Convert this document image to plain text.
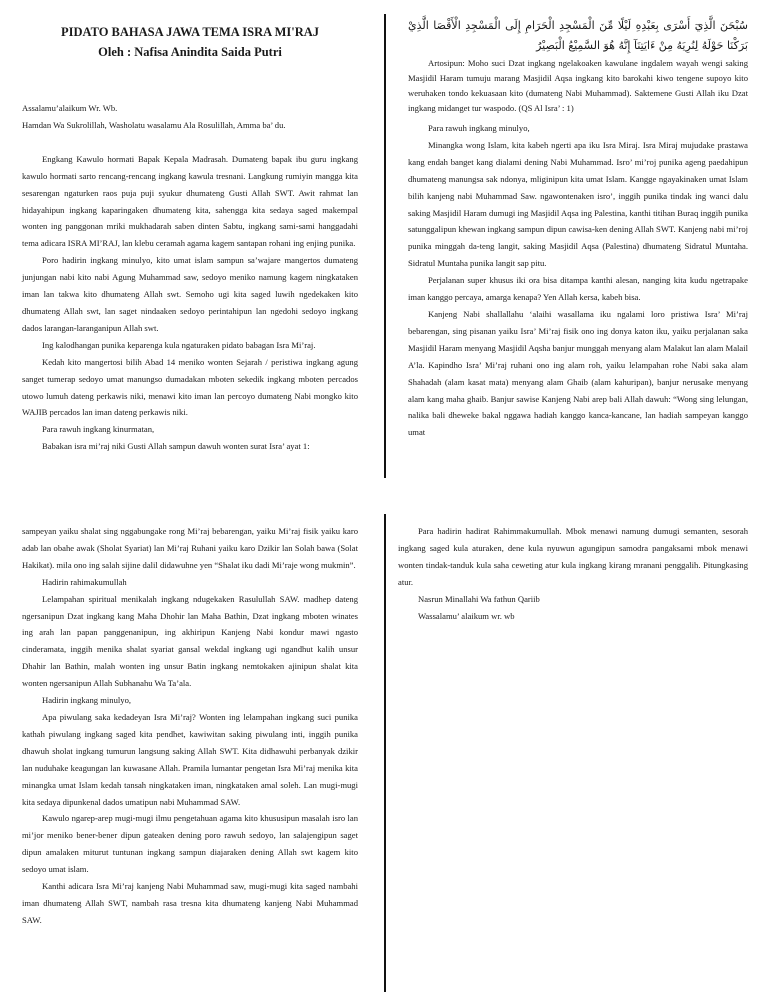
PIDATO BAHASA JAWA TEMA ISRA MI'RAJ

Oleh : Nafisa Anindita Saida Putri

Assalamu’alaikum Wr. Wb.

Hamdan Wa Sukrolillah, Washolatu wasalamu Ala Rosulillah, Amma ba’ du.

Engkang Kawulo hormati Bapak Kepala Madrasah. Dumateng bapak ibu guru ingkang kawulo hormati sarto rencang-rencang ingkang kawula tresnani. Langkung rumiyin mangga kita sesarengan ngaturken raos puja puji syukur dhumateng Gusti Allah SWT. Awit rahmat lan hidayahipun ingkang kaparingaken dhumateng kita, sahengga kita sedaya saged makempal wonten ing panggonan mriki mukhadarah saben dinten Sabtu, ingkang sami-sami hanggadahi tema adicara ISRA MI’RAJ, lan klebu ceramah agama kagem santapan rohani ing enjing punika.

Poro hadirin ingkang minulyo, kito umat islam sampun sa’wajare mangertos dumateng junjungan nabi kito nabi Agung Muhammad saw, sedoyo meniko namung kagem ningkataken iman lan takwa kito dhumateng Allah swt. Semoho ugi kita saged luwih ngedekaken kito dhumateng Allah swt, lan saget nindaaken sedoyo perintahipun lan ngedohi sedoyo ingkang dados larangan-laranganipun Allah swt.

Ing kalodhangan punika keparenga kula ngaturaken pidato babagan Isra Mi’raj.

Kedah kito mangertosi bilih Abad 14 meniko wonten Sejarah / peristiwa ingkang agung sanget tumerap sedoyo umat manungso dumadakan mboten sekedik ingkang mboten percados utowo lumuh dateng perkawis niki, menawi kito iman lan percoyo dumateng Nabi mongko kito WAJIB percados lan iman dateng perkawis niki.

Para rawuh ingkang kinurmatan,

Babakan isra mi’raj niki Gusti Allah sampun dawuh wonten surat Isra’ ayat 1:

سُبْحَنَ الَّذِيٓ أَسْرَى بِعَبْدِهِ لَيْلًا مِّنَ الْمَسْجِدِ الْحَرَامِ إِلَى الْمَسْجِدِ الْأَقْصَا الَّذِيْ بَرَكْنَا حَوْلَهُ لِنُرِيَهُ مِنْ ءَايَتِنَآ إِنَّهُ هُوَ السَّمِيْعُ الْبَصِيْرُ

Artosipun: Moho suci Dzat ingkang ngelakoaken kawulane ingdalem wayah wengi saking Masjidil Haram tumuju marang Masjidil Aqsa ingkang kito barokahi kiwo tengene supoyo kito weruhaken tondo kekuasaan kito (dumateng Nabi Muhammad). Saktemene Gusti Allah iku Dzat ingkang midanget tur waspodo. (QS Al Isra’ : 1)

Para rawuh ingkang minulyo,

Minangka wong Islam, kita kabeh ngerti apa iku Isra Miraj. Isra Miraj mujudake prastawa kang endah banget kang dialami dening Nabi Muhammad. Isro’ mi’roj punika ageng paedahipun dhumateng manungsa sak ndonya, mliginipun kita umat Islam. Kangge ngayakinaken umat Islam bilih kanjeng nabi Muhammad Saw. ngawontenaken isro’, inggih punika tindak ing wanci dalu saking Masjidil Haram dumugi ing Masjidil Aqsa ing Palestina, kanthi titihan Buraq inggih punika satunggalipun khewan ingkang sampun dipun cawisa-ken dening Allah SWT. Kanjeng nabi mi’roj punika minggah da-teng langit, saking Masjidil Aqsa (Palestina) dhumateng Sidratul Muntaha. Sidratul Muntaha punika langit sap pitu.

Perjalanan super khusus iki ora bisa ditampa kanthi alesan, nanging kita kudu ngetrapake iman kanggo percaya, amarga kenapa? Yen Allah kersa, kabeh bisa.

Kanjeng Nabi shallallahu ‘alaihi wasallama iku ngalami loro pristiwa Isra’ Mi’raj bebarengan, sing pisanan yaiku Isra’ Mi’raj fisik ono ing donya katon iku, yaiku perjalanan saka Masjidil Haram menyang Masjidil Aqsha banjur munggah menyang alam Malakut lan alam Malail A’la. Kapindho Isra’ Mi’raj ruhani ono ing alam roh, yaiku lelampahan rohe Nabi saka alam Shahadah (alam kasat mata) menyang alam Ghaib (alam kahuripan), banjur nerusake menyang alam kang maha ghaib. Banjur sawise Kanjeng Nabi arep bali Allah dawuh: “Wong sing lelungan, nalika bali dheweke bakal nggawa hadiah kanggo kanca-kancane, lan hadiah sampeyan kanggo umat

sampeyan yaiku shalat sing nggabungake rong Mi’raj bebarengan, yaiku Mi’raj fisik yaiku karo adab lan obahe awak (Sholat Syariat) lan Mi’raj Ruhani yaiku karo Dzikir lan Solah bawa (Solat Hakikat). mila ono ing salah sijine dalil didawuhne yen “Shalat iku dadi Mi’raje wong mukmin”.

Hadirin rahimakumullah

Lelampahan spiritual menikalah ingkang ndugekaken Rasulullah SAW. madhep dateng ngersanipun Dzat ingkang kang Maha Dhohir lan Maha Bathin, Dzat ingkang mboten winates ing arah lan papan panggenanipun, ing akhiripun Kanjeng Nabi kondur mawi ngasto cinderamata, inggih menika shalat syariat gansal wekdal ingkang ugi ngandhut kalih unsur Dhahir lan Bathin, malah wonten ing unsur Batin ingkang nemtokaken ajinipun shalat kita wonten ngersanipun Allah Subhanahu Wa Ta’ala.

Hadirin ingkang minulyo,

Apa piwulang saka kedadeyan Isra Mi’raj? Wonten ing lelampahan ingkang suci punika kathah piwulang ingkang saged kita pendhet, kawiwitan saking piwulang inti, inggih punika dhawuh sholat ingkang tumurun langsung saking Allah SWT. Kita didhawuhi perbanyak dzikir lan nuduhake keagungan lan kuwasane Allah. Pramila lumantar pengetan Isra Mi’raj menika kita minangka umat Islam kedah tansah ningkataken iman, ningkataken amal soleh. Lan mugi-mugi kita sedaya dipunkenal dados umatipun nabi Muhammad SAW.

Kawulo ngarep-arep mugi-mugi ilmu pengetahuan agama kito khususipun masalah isro lan mi’jor meniko bener-bener dipun gateaken dening poro rawuh sedoyo, lan salajengipun saget dipun amalaken miturut tuntunan ingkang sampun diajaraken dening Allah swt kagem kito sedoyo umat islam.

Kanthi adicara Isra Mi’raj kanjeng Nabi Muhammad saw, mugi-mugi kita saged nambahi iman dhumateng Allah SWT, nambah rasa tresna kita dhumateng kanjeng Nabi Muhammad SAW.

Para hadirin hadirat Rahimmakumullah. Mbok menawi namung dumugi semanten, sesorah ingkang saged kula aturaken, dene kula nyuwun agungipun samodra pangaksami mbok menawi wonten tindak-tanduk kula saha ceweting atur kula ingkang kirang mranani penggalih. Pitungkasing atur.

Nasrun Minallahi Wa fathun Qariib

Wassalamu’ alaikum wr. wb
